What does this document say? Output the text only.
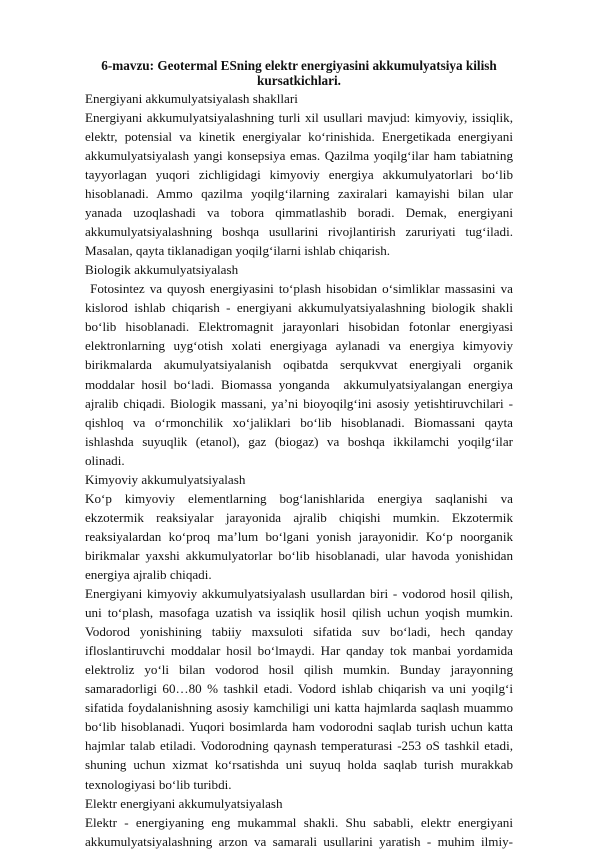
6-mavzu: Geotermal ESning elektr energiyasini akkumulyatsiya kilish kursatkichlari.

Energiyani akkumulyatsiyalash shakllari

Energiyani akkumulyatsiyalashning turli xil usullari mavjud: kimyoviy, issiqlik, elektr, potensial va kinetik energiyalar ko‘rinishida. Energetikada energiyani akkumulyatsiyalash yangi konsepsiya emas. Qazilma yoqilg‘ilar ham tabiatning tayyorlagan yuqori zichligidagi kimyoviy energiya akkumulyatorlari bo‘lib hisoblanadi. Ammo qazilma yoqilg‘ilarning zaxiralari kamayishi bilan ular yanada uzoqlashadi va tobora qimmatlashib boradi. Demak, energiyani akkumulyatsiyalashning boshqa usullarini rivojlantirish zaruriyati tug‘iladi. Masalan, qayta tiklanadigan yoqilg‘ilarni ishlab chiqarish.

Biologik akkumulyatsiyalash

Fotosintez va quyosh energiyasini to‘plash hisobidan o‘simliklar massasini va kislorod ishlab chiqarish - energiyani akkumulyatsiyalashning biologik shakli bo‘lib hisoblanadi. Elektromagnit jarayonlari hisobidan fotonlar energiyasi elektronlarning uyg‘otish xolati energiyaga aylanadi va energiya kimyoviy birikmalarda akumulyatsiyalanish oqibatda serqukvvat energiyali organik moddalar hosil bo‘ladi. Biomassa yonganda  akkumulyatsiyalangan energiya ajralib chiqadi. Biologik massani, ya’ni bioyoqilg‘ini asosiy yetishtiruvchilari - qishloq va o‘rmonchilik xo‘jaliklari bo‘lib hisoblanadi. Biomassani qayta ishlashda suyuqlik (etanol), gaz (biogaz) va boshqa ikkilamchi yoqilg‘ilar olinadi.

Kimyoviy akkumulyatsiyalash

Ko‘p kimyoviy elementlarning bog‘lanishlarida energiya saqlanishi va ekzotermik reaksiyalar jarayonida ajralib chiqishi mumkin. Ekzotermik reaksiyalardan ko‘proq ma’lum bo‘lgani yonish jarayonidir. Ko‘p noorganik birikmalar yaxshi akkumulyatorlar bo‘lib hisoblanadi, ular havoda yonishidan energiya ajralib chiqadi.

Energiyani kimyoviy akkumulyatsiyalash usullardan biri - vodorod hosil qilish, uni to‘plash, masofaga uzatish va issiqlik hosil qilish uchun yoqish mumkin. Vodorod yonishining tabiiy maxsuloti sifatida suv bo‘ladi, hech qanday ifloslantiruvchi moddalar hosil bo‘lmaydi. Har qanday tok manbai yordamida elektroliz yo‘li bilan vodorod hosil qilish mumkin. Bunday jarayonning samaradorligi 60…80 % tashkil etadi. Vodord ishlab chiqarish va uni yoqilg‘i sifatida foydalanishning asosiy kamchiligi uni katta hajmlarda saqlash muammo bo‘lib hisoblanadi. Yuqori bosimlarda ham vodorodni saqlab turish uchun katta hajmlar talab etiladi. Vodorodning qaynash temperaturasi -253 oS tashkil etadi, shuning uchun xizmat ko‘rsatishda uni suyuq holda saqlab turish murakkab texnologiyasi bo‘lib turibdi.

Elektr energiyani akkumulyatsiyalash

Elektr - energiyaning eng mukammal shakli. Shu sababli, elektr energiyani akkumulyatsiyalashning arzon va samarali usullarini yaratish - muhim ilmiy-
